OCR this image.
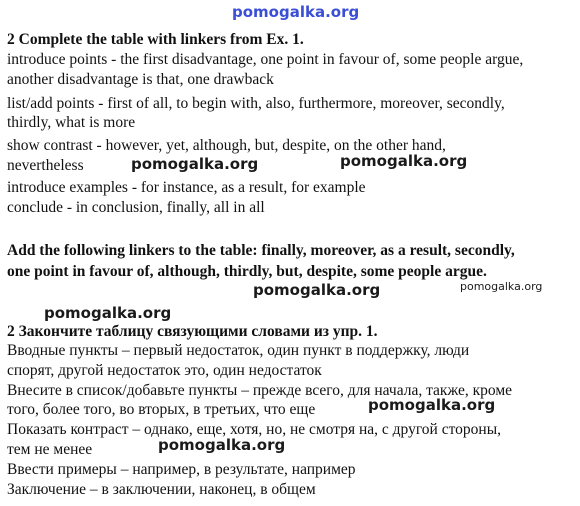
pomogalka.org
pomogalka.org	pomogalka.org
pomogalka.org	pomogalka.org
pomogalka.org
pomogalka.org
pomogalka.org
2 Complete the table with linkers from Ex. 1.
introduce points - the first disadvantage, one point in favour of, some people argue,
another disadvantage is that, one drawback
list/add points - first of all, to begin with, also, furthermore, moreover, secondly,
thirdly, what is more
show contrast - however, yet, although, but, despite, on the other hand,
nevertheless
introduce examples - for instance, as a result, for example
conclude - in conclusion, finally, all in all
Add the following linkers to the table: finally, moreover, as a result, secondly,
one point in favour of, although, thirdly, but, despite, some people argue.
2 Закончите таблицу связующими словами из упр. 1.
Вводные пункты – первый недостаток, один пункт в поддержку, люди
спорят, другой недостаток это, один недостаток
Внесите в список/добавьте пункты – прежде всего, для начала, также, кроме
того, более того, во вторых, в третьих, что еще
Показать контраст – однако, еще, хотя, но, не смотря на, с другой стороны,
тем не менее
Ввести примеры – например, в результате, например
Заключение – в заключении, наконец, в общем
